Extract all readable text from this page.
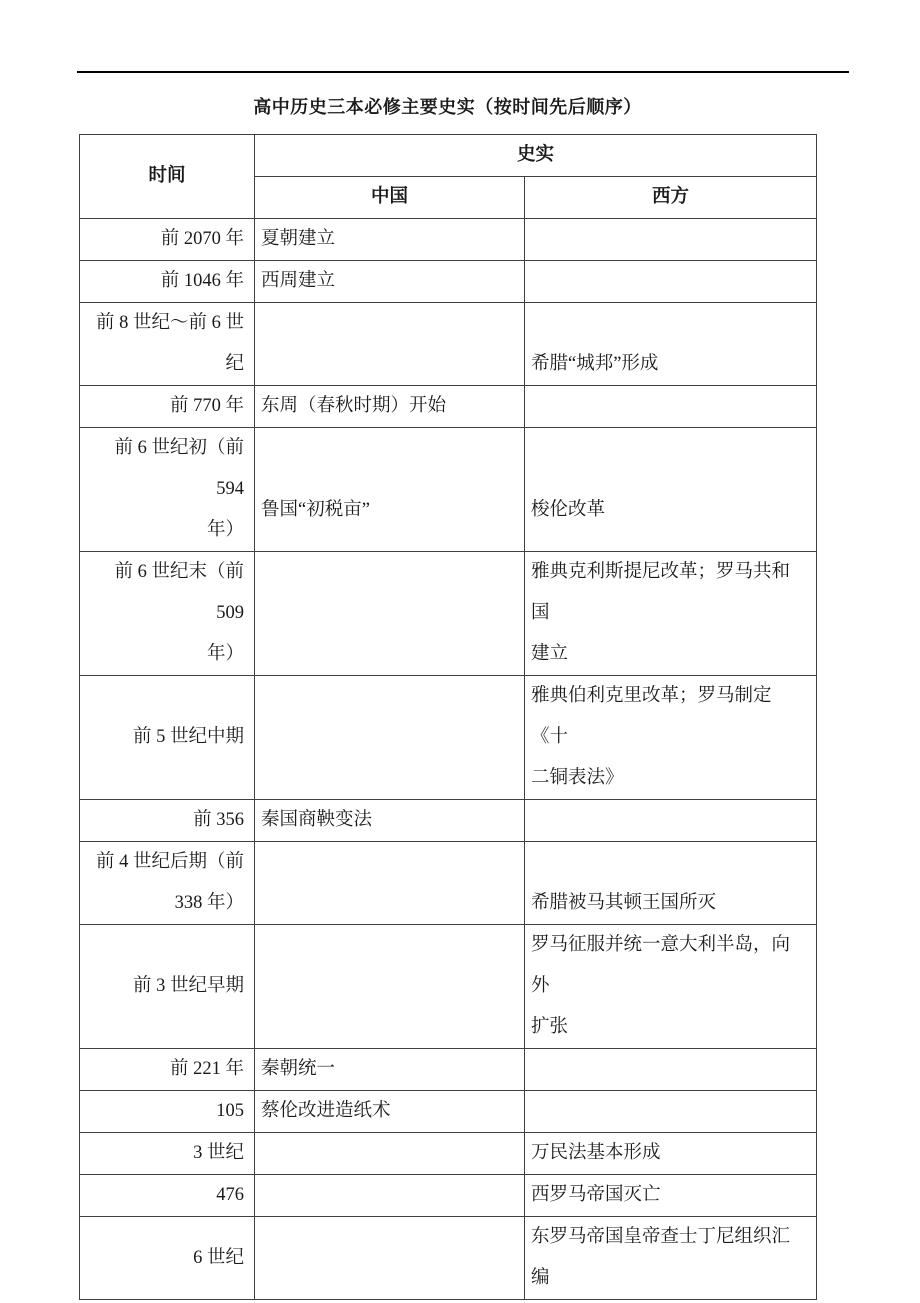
高中历史三本必修主要史实（按时间先后顺序）
时间	史实	
	中国	西方
前 2070 年	夏朝建立	
前 1046 年	西周建立	
前 8 世纪～前 6 世
纪		希腊“城邦”形成
前 770 年	东周（春秋时期）开始	
前 6 世纪初（前 594
年）	鲁国“初税亩”	梭伦改革
前 6 世纪末（前 509
年）		雅典克利斯提尼改革；罗马共和国
建立
前 5 世纪中期		雅典伯利克里改革；罗马制定《十
二铜表法》
前 356	秦国商鞅变法	
前 4 世纪后期（前
338 年）		希腊被马其顿王国所灭
前 3 世纪早期		罗马征服并统一意大利半岛，向外
扩张
前 221 年	秦朝统一	
105	蔡伦改进造纸术	
3 世纪		万民法基本形成
476		西罗马帝国灭亡
6 世纪		东罗马帝国皇帝查士丁尼组织汇编
